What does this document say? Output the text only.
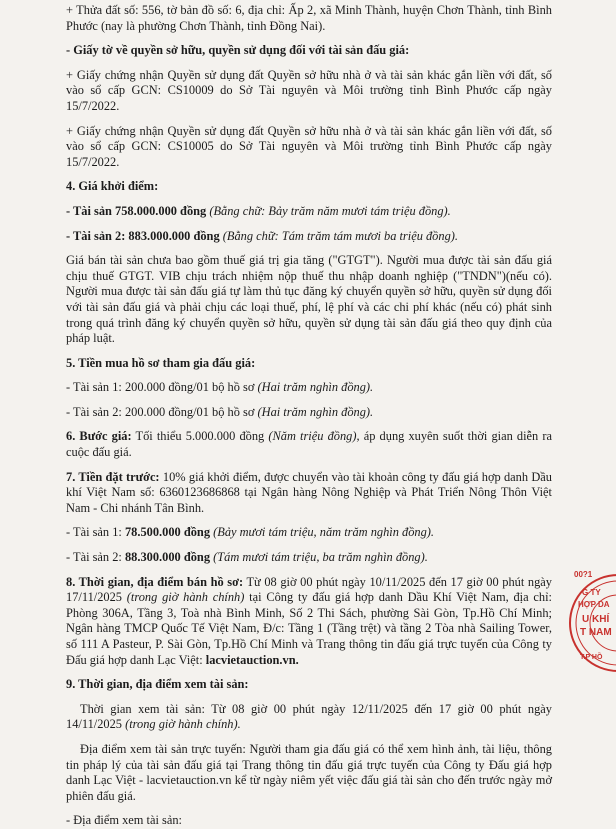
+ Thửa đất số: 556, tờ bản đồ số: 6, địa chỉ: Ấp 2, xã Minh Thành, huyện Chơn Thành, tỉnh Bình Phước (nay là phường Chơn Thành, tỉnh Đồng Nai).

- Giấy tờ về quyền sở hữu, quyền sử dụng đối với tài sản đấu giá:

+ Giấy chứng nhận Quyền sử dụng đất Quyền sở hữu nhà ở và tài sản khác gắn liền với đất, số vào sổ cấp GCN: CS10009 do Sở Tài nguyên và Môi trường tỉnh Bình Phước cấp ngày 15/7/2022.

+ Giấy chứng nhận Quyền sử dụng đất Quyền sở hữu nhà ở và tài sản khác gắn liền với đất, số vào sổ cấp GCN: CS10005 do Sở Tài nguyên và Môi trường tỉnh Bình Phước cấp ngày 15/7/2022.

4. Giá khởi điểm:

- Tài sản 758.000.000 đồng (Bằng chữ: Bảy trăm năm mươi tám triệu đồng).

- Tài sản 2: 883.000.000 đồng (Bằng chữ: Tám trăm tám mươi ba triệu đồng).

Giá bán tài sản chưa bao gồm thuế giá trị gia tăng ("GTGT"). Người mua được tài sản đấu giá chịu thuế GTGT. VIB chịu trách nhiệm nộp thuế thu nhập doanh nghiệp ("TNDN")(nếu có). Người mua được tài sản đấu giá tự làm thủ tục đăng ký chuyển quyền sở hữu, quyền sử dụng đối với tài sản đấu giá và phải chịu các loại thuế, phí, lệ phí và các chi phí khác (nếu có) phát sinh trong quá trình đăng ký chuyển quyền sở hữu, quyền sử dụng tài sản đấu giá theo quy định của pháp luật.

5. Tiền mua hồ sơ tham gia đấu giá:

- Tài sản 1: 200.000 đồng/01 bộ hồ sơ (Hai trăm nghìn đồng).

- Tài sản 2: 200.000 đồng/01 bộ hồ sơ (Hai trăm nghìn đồng).

6. Bước giá: Tối thiểu 5.000.000 đồng (Năm triệu đồng), áp dụng xuyên suốt thời gian diễn ra cuộc đấu giá.

7. Tiền đặt trước: 10% giá khởi điểm, được chuyển vào tài khoản công ty đấu giá hợp danh Dầu khí Việt Nam số: 6360123686868 tại Ngân hàng Nông Nghiệp và Phát Triển Nông Thôn Việt Nam - Chi nhánh Tân Bình.

- Tài sản 1: 78.500.000 đồng (Bảy mươi tám triệu, năm trăm nghìn đồng).

- Tài sản 2: 88.300.000 đồng (Tám mươi tám triệu, ba trăm nghìn đồng).

8. Thời gian, địa điểm bán hồ sơ: Từ 08 giờ 00 phút ngày 10/11/2025 đến 17 giờ 00 phút ngày 17/11/2025 (trong giờ hành chính) tại Công ty đấu giá hợp danh Dầu Khí Việt Nam, địa chỉ: Phòng 306A, Tầng 3, Toà nhà Bình Minh, Số 2 Thi Sách, phường Sài Gòn, Tp.Hồ Chí Minh; Ngân hàng TMCP Quốc Tế Việt Nam, Đ/c: Tầng 1 (Tầng trệt) và tầng 2 Tòa nhà Sailing Tower, số 111 A Pasteur, P. Sài Gòn, Tp.Hồ Chí Minh và Trang thông tin đấu giá trực tuyến của Công ty Đấu giá hợp danh Lạc Việt: lacvietauction.vn.

9. Thời gian, địa điểm xem tài sản:

Thời gian xem tài sản: Từ 08 giờ 00 phút ngày 12/11/2025 đến 17 giờ 00 phút ngày 14/11/2025 (trong giờ hành chính).

Địa điểm xem tài sản trực tuyến: Người tham gia đấu giá có thể xem hình ảnh, tài liệu, thông tin pháp lý của tài sản đấu giá tại Trang thông tin đấu giá trực tuyến của Công ty Đấu giá hợp danh Lạc Việt - lacvietauction.vn kể từ ngày niêm yết việc đấu giá tài sản cho đến trước ngày mở phiên đấu giá.

- Địa điểm xem tài sản:

00?1
G TY
HỢP DA
U KHÍ
T NAM
T.P HỒ
